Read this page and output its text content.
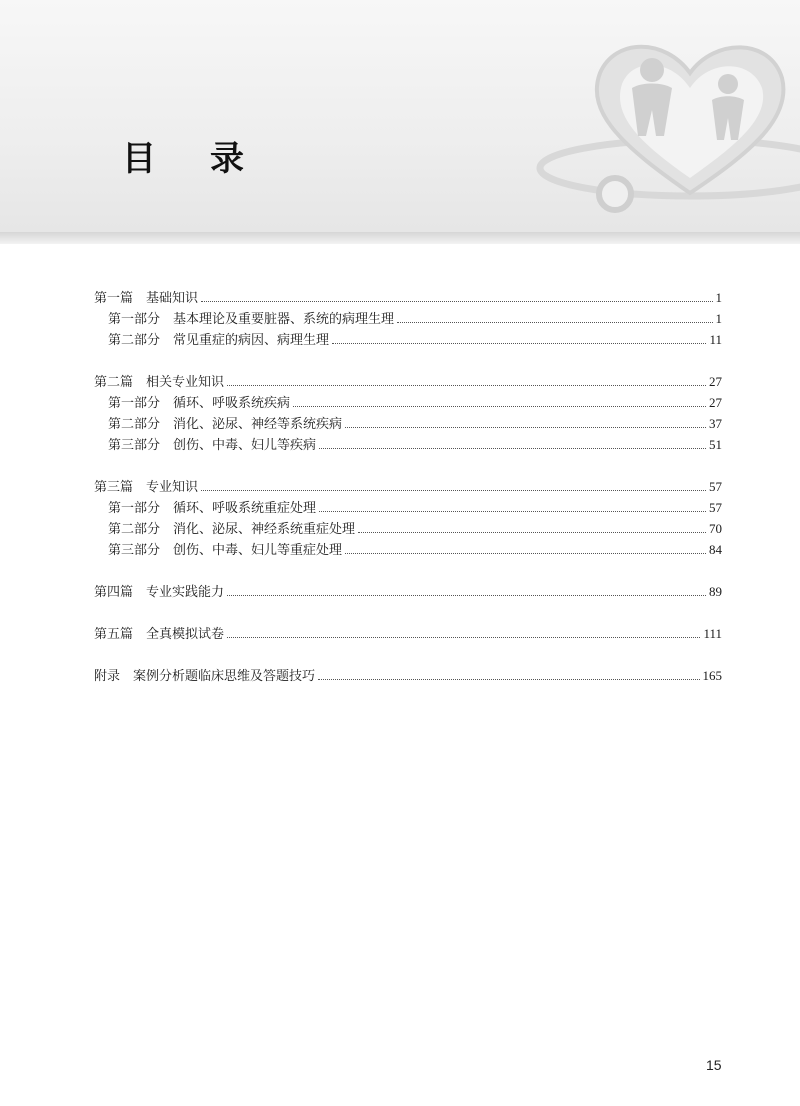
目录
第一篇　基础知识	1
第一部分　基本理论及重要脏器、系统的病理生理	1
第二部分　常见重症的病因、病理生理	11
第二篇　相关专业知识	27
第一部分　循环、呼吸系统疾病	27
第二部分　消化、泌尿、神经等系统疾病	37
第三部分　创伤、中毒、妇儿等疾病	51
第三篇　专业知识	57
第一部分　循环、呼吸系统重症处理	57
第二部分　消化、泌尿、神经系统重症处理	70
第三部分　创伤、中毒、妇儿等重症处理	84
第四篇　专业实践能力	89
第五篇　全真模拟试卷	111
附录　案例分析题临床思维及答题技巧	165
15
